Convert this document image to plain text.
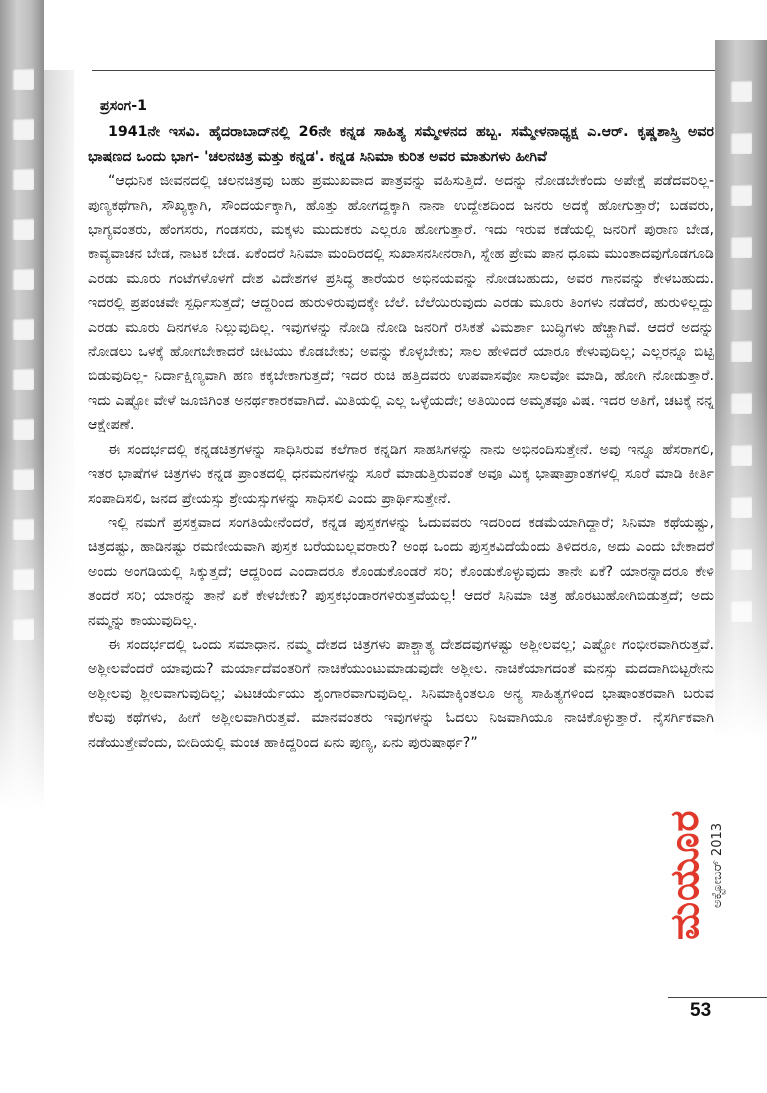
ಪ್ರಸಂಗ-1

1941ನೇ ಇಸವಿ. ಹೈದರಾಬಾದ್‌ನಲ್ಲಿ 26ನೇ ಕನ್ನಡ ಸಾಹಿತ್ಯ ಸಮ್ಮೇಳನದ ಹಬ್ಬ. ಸಮ್ಮೇಳನಾಧ್ಯಕ್ಷ ಎ.ಆರ್. ಕೃಷ್ಣಶಾಸ್ತ್ರಿ ಅವರ ಭಾಷಣದ ಒಂದು ಭಾಗ- 'ಚಲನಚಿತ್ರ ಮತ್ತು ಕನ್ನಡ'. ಕನ್ನಡ ಸಿನಿಮಾ ಕುರಿತ ಅವರ ಮಾತುಗಳು ಹೀಗಿವೆ

“ಆಧುನಿಕ ಜೀವನದಲ್ಲಿ ಚಲನಚಿತ್ರವು ಬಹು ಪ್ರಮುಖವಾದ ಪಾತ್ರವನ್ನು ವಹಿಸುತ್ತಿದೆ. ಅದನ್ನು ನೋಡಬೇಕೆಂದು ಅಪೇಕ್ಷೆ ಪಡೆದವರಿಲ್ಲ- ಪುಣ್ಯಕಥೆಗಾಗಿ, ಸೌಖ್ಯಕ್ಕಾಗಿ, ಸೌಂದರ್ಯಕ್ಕಾಗಿ, ಹೊತ್ತು ಹೋಗದ್ದಕ್ಕಾಗಿ ನಾನಾ ಉದ್ದೇಶದಿಂದ ಜನರು ಅದಕ್ಕೆ ಹೋಗುತ್ತಾರೆ; ಬಡವರು, ಭಾಗ್ಯವಂತರು, ಹೆಂಗಸರು, ಗಂಡಸರು, ಮಕ್ಕಳು ಮುದುಕರು ಎಲ್ಲರೂ ಹೋಗುತ್ತಾರೆ. ಇದು ಇರುವ ಕಡೆಯಲ್ಲಿ ಜನರಿಗೆ ಪುರಾಣ ಬೇಡ, ಕಾವ್ಯವಾಚನ ಬೇಡ, ನಾಟಕ ಬೇಡ. ಏಕೆಂದರೆ ಸಿನಿಮಾ ಮಂದಿರದಲ್ಲಿ ಸುಖಾಸನಸೀನರಾಗಿ, ಸ್ನೇಹ ಪ್ರೇಮ ಪಾನ ಧೂಮ ಮುಂತಾದವುಗೊಡಗೂಡಿ ಎರಡು ಮೂರು ಗಂಟೆಗಳೊಳಗೆ ದೇಶ ವಿದೇಶಗಳ ಪ್ರಸಿದ್ಧ ತಾರೆಯರ ಅಭಿನಯವನ್ನು ನೋಡಬಹುದು, ಅವರ ಗಾನವನ್ನು ಕೇಳಬಹುದು. ಇದರಲ್ಲಿ ಪ್ರಪಂಚವೇ ಸ್ಪರ್ಧಿಸುತ್ತದೆ; ಆದ್ದರಿಂದ ಹುರುಳಿರುವುದಕ್ಕೇ ಬೆಲೆ. ಬೆಲೆಯಿರುವುದು ಎರಡು ಮೂರು ತಿಂಗಳು ನಡೆದರೆ, ಹುರುಳಿಲ್ಲದ್ದು ಎರಡು ಮೂರು ದಿನಗಳೂ ನಿಲ್ಲುವುದಿಲ್ಲ. ಇವುಗಳನ್ನು ನೋಡಿ ನೋಡಿ ಜನರಿಗೆ ರಸಿಕತೆ ವಿಮರ್ಶಾ ಬುದ್ಧಿಗಳು ಹೆಚ್ಚಾಗಿವೆ. ಆದರೆ ಅದನ್ನು ನೋಡಲು ಒಳಕ್ಕೆ ಹೋಗಬೇಕಾದರೆ ಚೀಟಿಯು ಕೊಡಬೇಕು; ಅವನ್ನು ಕೊಳ್ಳಬೇಕು; ಸಾಲ ಹೇಳಿದರೆ ಯಾರೂ ಕೇಳುವುದಿಲ್ಲ; ಎಲ್ಲರನ್ನೂ ಬಿಟ್ಟಿ ಬಿಡುವುದಿಲ್ಲ- ನಿರ್ದಾಕ್ಷಿಣ್ಯವಾಗಿ ಹಣ ಕಕ್ಕಬೇಕಾಗುತ್ತದೆ; ಇದರ ರುಚಿ ಹತ್ತಿದವರು ಉಪವಾಸವೋ ಸಾಲವೋ ಮಾಡಿ, ಹೋಗಿ ನೋಡುತ್ತಾರೆ. ಇದು ಎಷ್ಟೋ ವೇಳೆ ಜೂಜಿಗಿಂತ ಅನರ್ಥಕಾರಕವಾಗಿದೆ. ಮಿತಿಯಲ್ಲಿ ಎಲ್ಲ ಒಳ್ಳೆಯದೇ; ಅತಿಯಿಂದ ಅಮೃತವೂ ವಿಷ. ಇದರ ಅತಿಗೆ, ಚಟಕ್ಕೆ ನನ್ನ ಆಕ್ಷೇಪಣೆ.

ಈ ಸಂದರ್ಭದಲ್ಲಿ ಕನ್ನಡಚಿತ್ರಗಳನ್ನು ಸಾಧಿಸಿರುವ ಕಲೆಗಾರ ಕನ್ನಡಿಗ ಸಾಹಸಿಗಳನ್ನು ನಾನು ಅಭಿನಂದಿಸುತ್ತೇನೆ. ಅವು ಇನ್ನೂ ಹೆಸರಾಗಲಿ, ಇತರ ಭಾಷೆಗಳ ಚಿತ್ರಗಳು ಕನ್ನಡ ಪ್ರಾಂತದಲ್ಲಿ ಧನಮನಗಳನ್ನು ಸೂರೆ ಮಾಡುತ್ತಿರುವಂತೆ ಅವೂ ಮಿಕ್ಕ ಭಾಷಾಪ್ರಾಂತಗಳಲ್ಲಿ ಸೂರೆ ಮಾಡಿ ಕೀರ್ತಿ ಸಂಪಾದಿಸಲಿ, ಜನದ ಪ್ರೇಯಸ್ಸು ಶ್ರೇಯಸ್ಸುಗಳನ್ನು ಸಾಧಿಸಲಿ ಎಂದು ಪ್ರಾರ್ಥಿಸುತ್ತೇನೆ.

ಇಲ್ಲಿ ನಮಗೆ ಪ್ರಸಕ್ತವಾದ ಸಂಗತಿಯೇನೆಂದರೆ, ಕನ್ನಡ ಪುಸ್ತಕಗಳನ್ನು ಓದುವವರು ಇದರಿಂದ ಕಡಮೆಯಾಗಿದ್ದಾರೆ; ಸಿನಿಮಾ ಕಥೆಯಷ್ಟು, ಚಿತ್ರದಷ್ಟು, ಹಾಡಿನಷ್ಟು ರಮಣೀಯವಾಗಿ ಪುಸ್ತಕ ಬರೆಯಬಲ್ಲವರಾರು? ಅಂಥ ಒಂದು ಪುಸ್ತಕವಿದೆಯೆಂದು ತಿಳಿದರೂ, ಅದು ಎಂದು ಬೇಕಾದರೆ ಅಂದು ಅಂಗಡಿಯಲ್ಲಿ ಸಿಕ್ಕುತ್ತದೆ; ಆದ್ದರಿಂದ ಎಂದಾದರೂ ಕೊಂಡುಕೊಂಡರೆ ಸರಿ; ಕೊಂಡುಕೊಳ್ಳುವುದು ತಾನೇ ಏಕೆ? ಯಾರನ್ನಾದರೂ ಕೇಳಿ ತಂದರೆ ಸರಿ; ಯಾರನ್ನು ತಾನೆ ಏಕೆ ಕೇಳಬೇಕು? ಪುಸ್ತಕಭಂಡಾರಗಳಿರುತ್ತವೆಯಲ್ಲ! ಆದರೆ ಸಿನಿಮಾ ಚಿತ್ರ ಹೊರಟುಹೋಗಿಬಿಡುತ್ತದೆ; ಅದು ನಮ್ಮನ್ನು ಕಾಯುವುದಿಲ್ಲ.

ಈ ಸಂದರ್ಭದಲ್ಲಿ ಒಂದು ಸಮಾಧಾನ. ನಮ್ಮ ದೇಶದ ಚಿತ್ರಗಳು ಪಾಶ್ಚಾತ್ಯ ದೇಶದವುಗಳಷ್ಟು ಅಶ್ಲೀಲವಲ್ಲ; ಎಷ್ಟೋ ಗಂಭೀರವಾಗಿರುತ್ತವೆ. ಅಶ್ಲೀಲವೆಂದರೆ ಯಾವುದು? ಮರ್ಯಾದೆವಂತರಿಗೆ ನಾಚಿಕೆಯುಂಟುಮಾಡುವುದೇ ಅಶ್ಲೀಲ. ನಾಚಿಕೆಯಾಗದಂತೆ ಮನಸ್ಸು ಮದದಾಗಿಬಿಟ್ಟರೇನು ಅಶ್ಲೀಲವು ಶ್ಲೀಲವಾಗುವುದಿಲ್ಲ; ವಿಟಚರ್ಯೆಯು ಶೃಂಗಾರವಾಗುವುದಿಲ್ಲ. ಸಿನಿಮಾಕ್ಕಿಂತಲೂ ಅನ್ಯ ಸಾಹಿತ್ಯಗಳಿಂದ ಭಾಷಾಂತರವಾಗಿ ಬರುವ ಕೆಲವು ಕಥೆಗಳು, ಹೀಗೆ ಅಶ್ಲೀಲವಾಗಿರುತ್ತವೆ. ಮಾನವಂತರು ಇವುಗಳನ್ನು ಓದಲು ನಿಜವಾಗಿಯೂ ನಾಚಿಕೊಳ್ಳುತ್ತಾರೆ. ನೈಸರ್ಗಿಕವಾಗಿ ನಡೆಯುತ್ತೇವೆಂದು, ಬೀದಿಯಲ್ಲಿ ಮಂಚ ಹಾಕಿದ್ದರಿಂದ ಏನು ಪುಣ್ಯ, ಏನು ಪುರುಷಾರ್ಥ?”

ಮಯೂರ ಅಕ್ಟೋಬರ್ 2013
53
